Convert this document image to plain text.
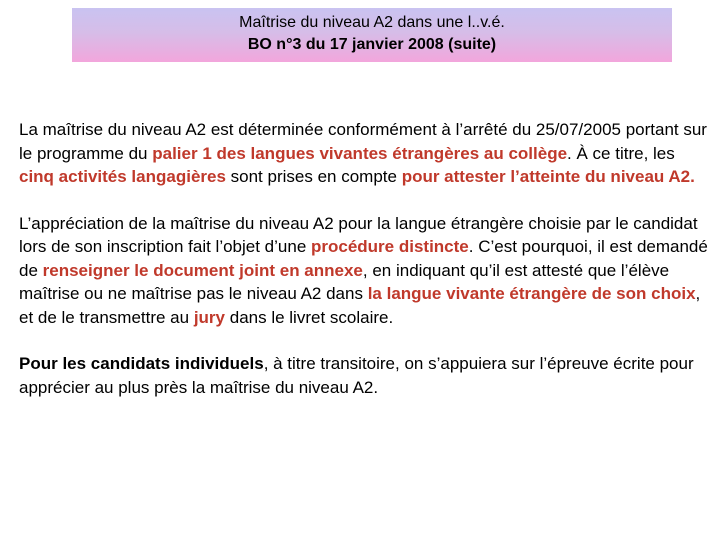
Maîtrise du niveau A2 dans une l..v.é.
BO n°3 du 17 janvier 2008 (suite)

La maîtrise du niveau A2 est déterminée conformément à l’arrêté du 25/07/2005 portant sur le programme du palier 1 des langues vivantes étrangères au collège. À ce titre, les cinq activités langagières sont prises en compte pour attester l’atteinte du niveau A2.

L’appréciation de la maîtrise du niveau A2 pour la langue étrangère choisie par le candidat lors de son inscription fait l’objet d’une procédure distincte. C’est pourquoi, il est demandé de renseigner le document joint en annexe, en indiquant qu’il est attesté que l’élève maîtrise ou ne maîtrise pas le niveau A2 dans la langue vivante étrangère de son choix, et de le transmettre au jury dans le livret scolaire.

Pour les candidats individuels, à titre transitoire, on s’appuiera sur l’épreuve écrite pour apprécier au plus près la maîtrise du niveau A2.
